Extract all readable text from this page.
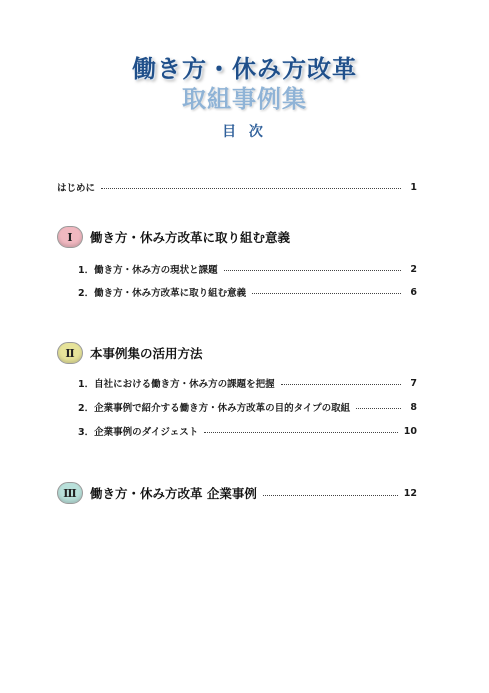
働き方・休み方改革
取組事例集
目 次
はじめに	1
Ⅰ	働き方・休み方改革に取り組む意義
1．働き方・休み方の現状と課題	2
2．働き方・休み方改革に取り組む意義	6
Ⅱ	本事例集の活用方法
1．自社における働き方・休み方の課題を把握	7
2．企業事例で紹介する働き方・休み方改革の目的タイプの取組	8
3．企業事例のダイジェスト	10
Ⅲ	働き方・休み方改革 企業事例	12
